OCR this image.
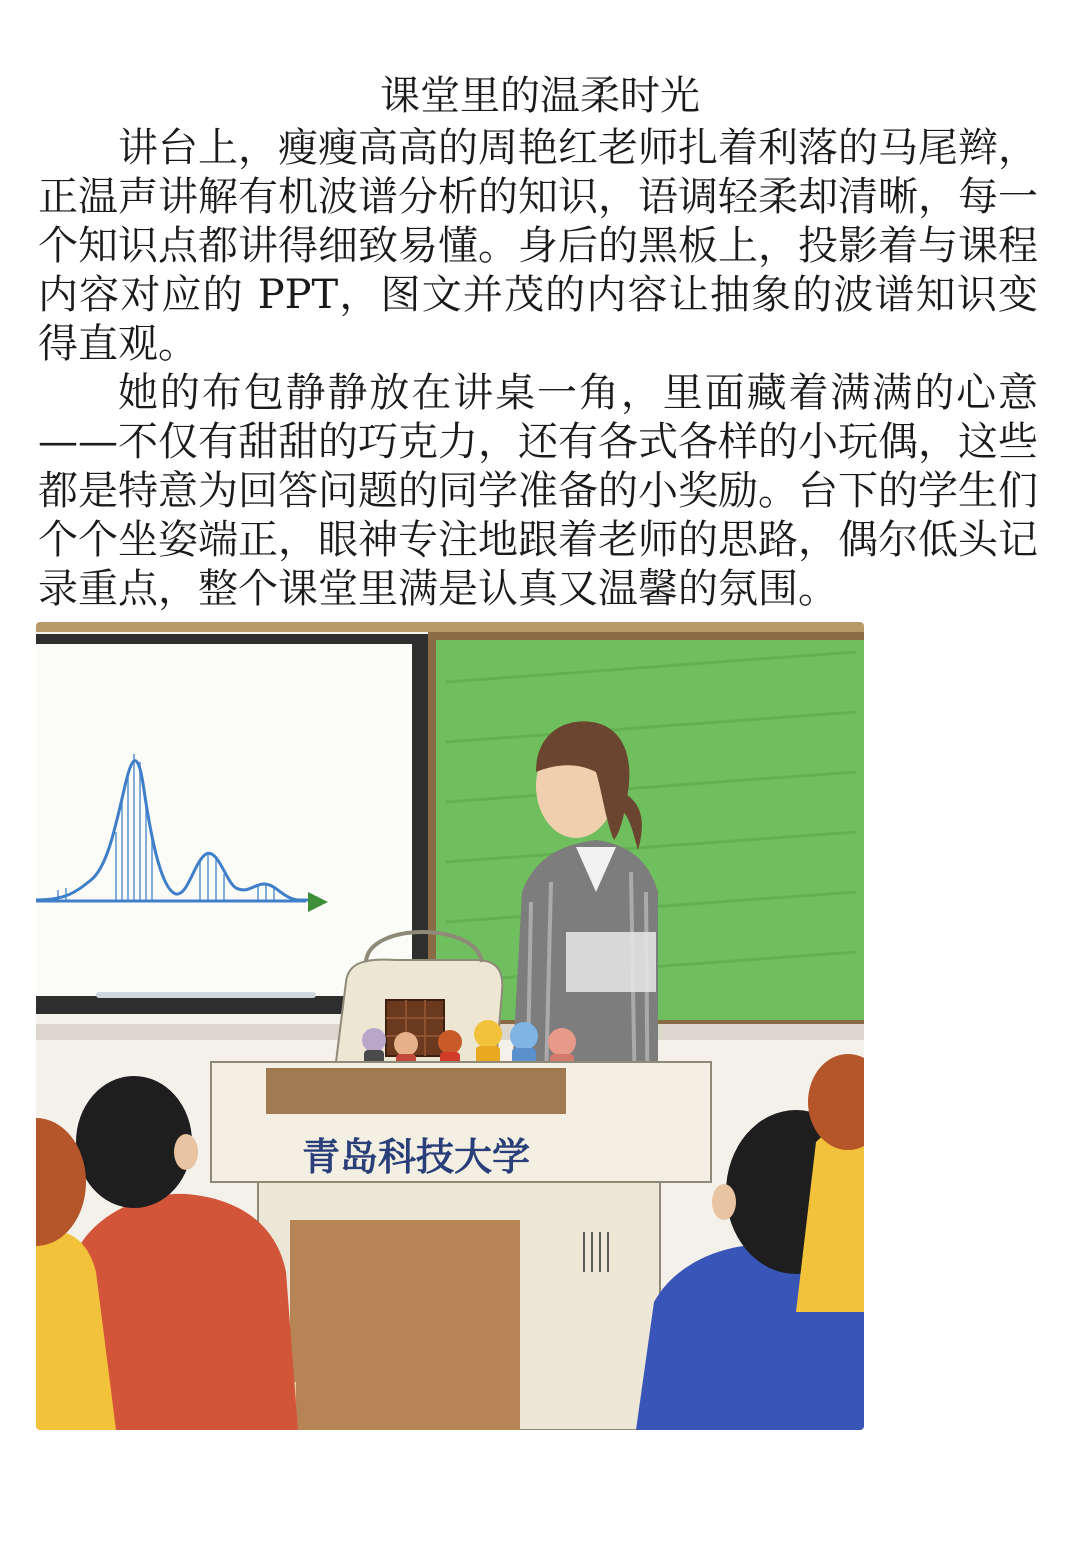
课堂里的温柔时光

讲台上，瘦瘦高高的周艳红老师扎着利落的马尾辫，正温声讲解有机波谱分析的知识，语调轻柔却清晰，每一个知识点都讲得细致易懂。身后的黑板上，投影着与课程内容对应的 PPT，图文并茂的内容让抽象的波谱知识变得直观。

她的布包静静放在讲桌一角，里面藏着满满的心意——不仅有甜甜的巧克力，还有各式各样的小玩偶，这些都是特意为回答问题的同学准备的小奖励。台下的学生们个个坐姿端正，眼神专注地跟着老师的思路，偶尔低头记录重点，整个课堂里满是认真又温馨的氛围。

青岛科技大学
